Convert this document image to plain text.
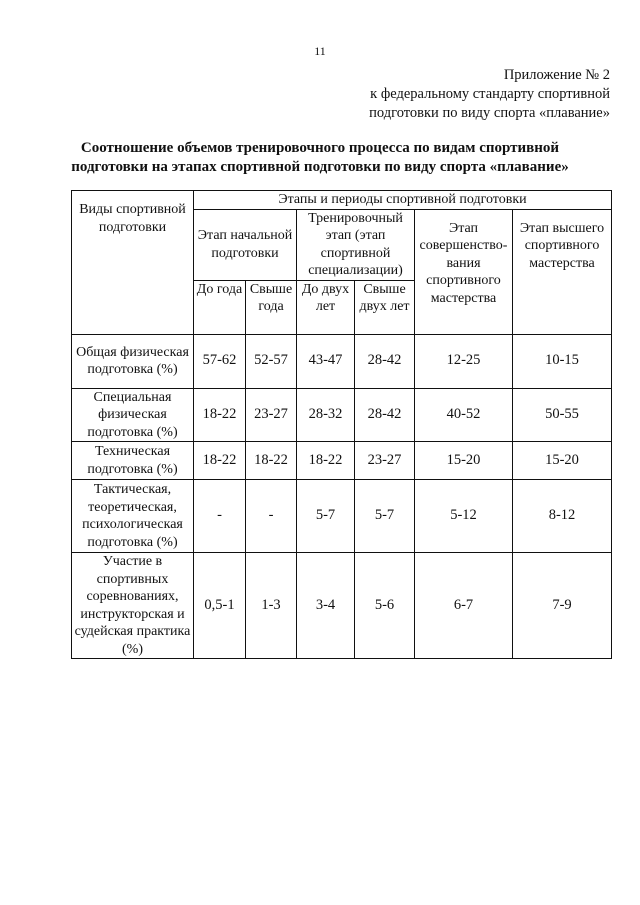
11
Приложение № 2
к федеральному стандарту спортивной
подготовки по виду спорта «плавание»
Соотношение объемов тренировочного процесса по видам спортивной
подготовки на этапах спортивной подготовки по виду спорта «плавание»
Виды спортивной подготовки	Этапы и периоды спортивной подготовки					
	Этап начальной подготовки		Тренировочный этап (этап спортивной специализации)		Этап совершенство-вания спортивного мастерства	Этап высшего спортивного мастерства
	До года	Свыше года	До двух лет	Свыше двух лет		
Общая физическая подготовка (%)	57-62	52-57	43-47	28-42	12-25	10-15
Специальная физическая подготовка (%)	18-22	23-27	28-32	28-42	40-52	50-55
Техническая подготовка (%)	18-22	18-22	18-22	23-27	15-20	15-20
Тактическая, теоретическая, психологическая подготовка (%)	-	-	5-7	5-7	5-12	8-12
Участие в спортивных соревнованиях, инструкторская и судейская практика (%)	0,5-1	1-3	3-4	5-6	6-7	7-9
